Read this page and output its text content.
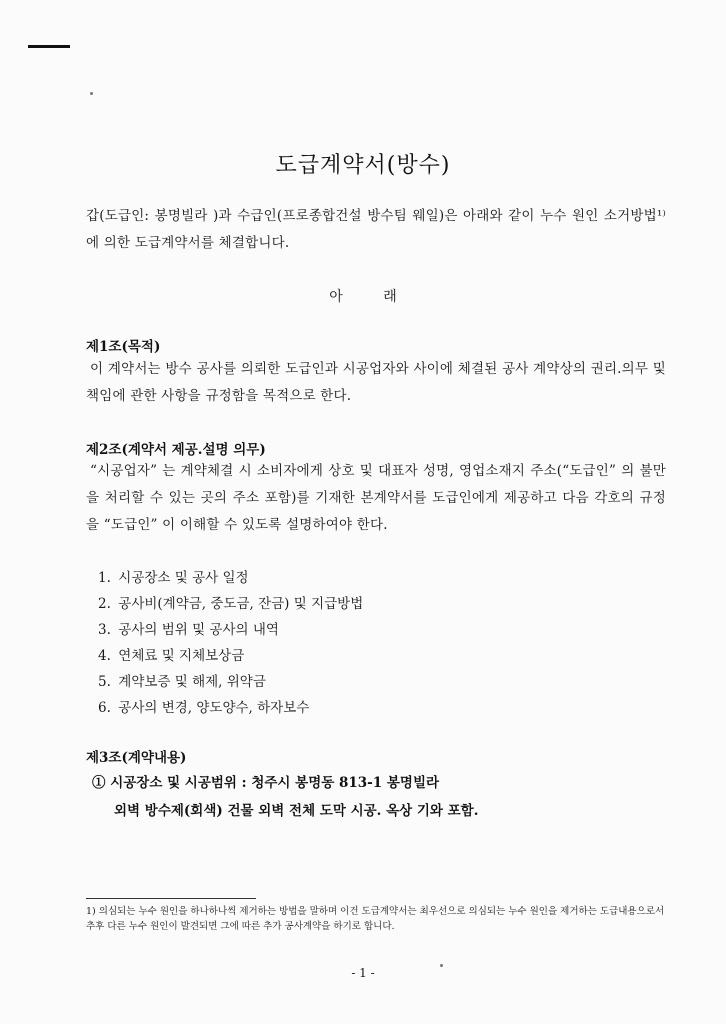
도급계약서(방수)
갑(도급인: 봉명빌라 )과 수급인(프로종합건설 방수팀 웨일)은 아래와 같이 누수 원인 소거방법¹⁾에 의한 도급계약서를 체결합니다.
아 래
제1조(목적)
이 계약서는 방수 공사를 의뢰한 도급인과 시공업자와 사이에 체결된 공사 계약상의 권리.의무 및 책임에 관한 사항을 규정함을 목적으로 한다.
제2조(계약서 제공.설명 의무)
“시공업자” 는 계약체결 시 소비자에게 상호 및 대표자 성명, 영업소재지 주소(“도급인” 의 불만을 처리할 수 있는 곳의 주소 포함)를 기재한 본계약서를 도급인에게 제공하고 다음 각호의 규정을 “도급인” 이 이해할 수 있도록 설명하여야 한다.
1. 시공장소 및 공사 일정
2. 공사비(계약금, 중도금, 잔금) 및 지급방법
3. 공사의 범위 및 공사의 내역
4. 연체료 및 지체보상금
5. 계약보증 및 해제, 위약금
6. 공사의 변경, 양도양수, 하자보수
제3조(계약내용)
① 시공장소 및 시공범위 : 청주시 봉명동 813-1 봉명빌라
외벽 방수제(회색) 건물 외벽 전체 도막 시공. 옥상 기와 포함.
1) 의심되는 누수 원인을 하나하나씩 제거하는 방법을 말하며 이건 도급계약서는 최우선으로 의심되는 누수 원인을 제거하는 도급내용으로서 추후 다른 누수 원인이 발견되면 그에 따른 추가 공사계약을 하기로 합니다.
- 1 -
